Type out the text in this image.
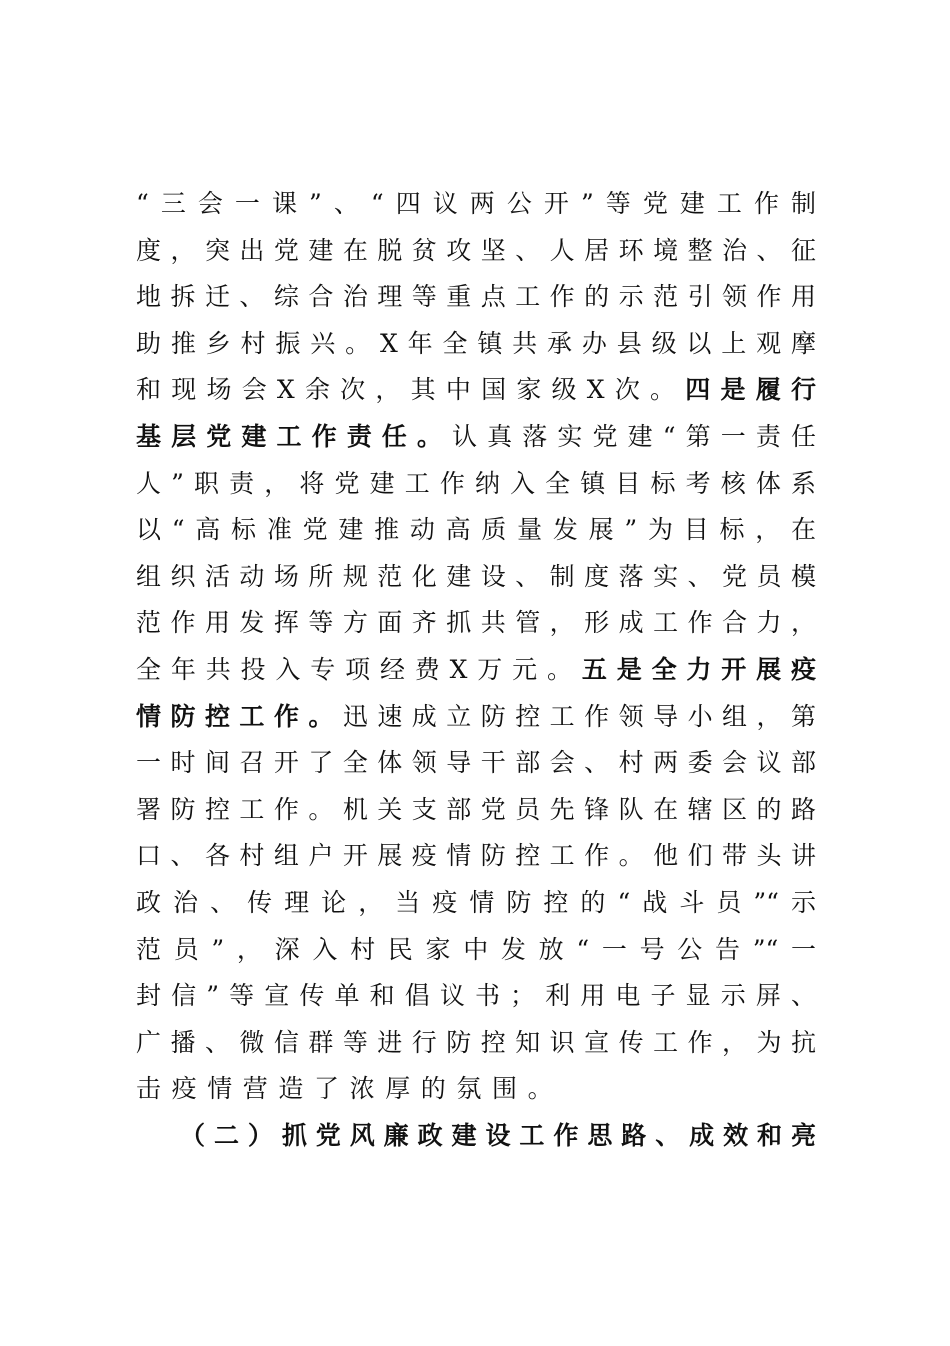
“三会一课”、“四议两公开”等党建工作制
度，突出党建在脱贫攻坚、人居环境整治、征
地拆迁、综合治理等重点工作的示范引领作用
助推乡村振兴。X年全镇共承办县级以上观摩
和现场会X余次，其中国家级X次。四是履行
基层党建工作责任。认真落实党建“第一责任
人”职责，将党建工作纳入全镇目标考核体系
以“高标准党建推动高质量发展”为目标，在
组织活动场所规范化建设、制度落实、党员模
范作用发挥等方面齐抓共管，形成工作合力，
全年共投入专项经费X万元。五是全力开展疫
情防控工作。迅速成立防控工作领导小组，第
一时间召开了全体领导干部会、村两委会议部
署防控工作。机关支部党员先锋队在辖区的路
口、各村组户开展疫情防控工作。他们带头讲
政治、传理论，当疫情防控的“战斗员”“示
范员”，深入村民家中发放“一号公告”“一
封信”等宣传单和倡议书；利用电子显示屏、
广播、微信群等进行防控知识宣传工作，为抗
击疫情营造了浓厚的氛围。
（二）抓党风廉政建设工作思路、成效和亮
